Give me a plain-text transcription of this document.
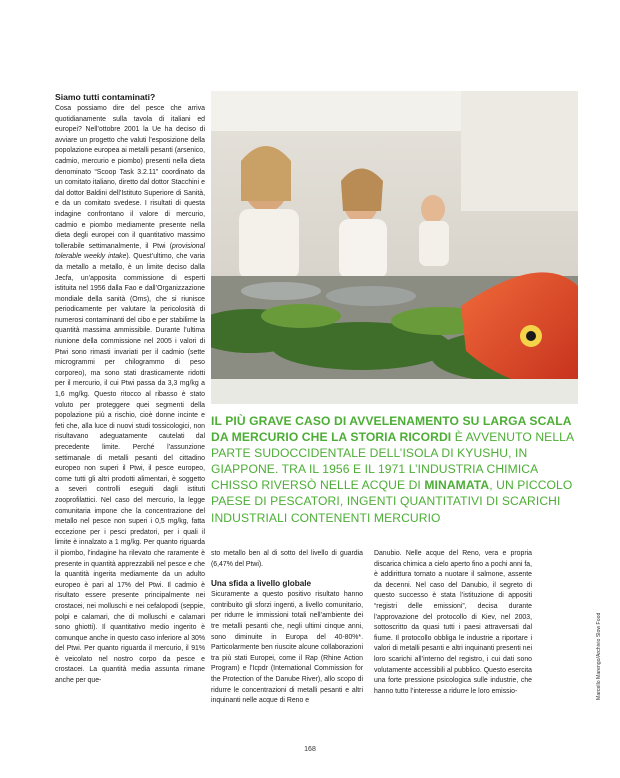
Siamo tutti contaminati?

Cosa possiamo dire del pesce che arriva quotidianamente sulla tavola di italiani ed europei? Nell’ottobre 2001 la Ue ha deciso di avviare un progetto che valuti l’esposizione della popolazione europea ai metalli pesanti (arsenico, cadmio, mercurio e piombo) presenti nella dieta denominato “Scoop Task 3.2.11” coordinato da un comitato italiano, diretto dal dottor Stacchini e dal dottor Baldini dell’Istituto Superiore di Sanità, e da un comitato svedese. I risultati di questa indagine confrontano il valore di mercurio, cadmio e piombo mediamente presente nella dieta degli europei con il quantitativo massimo tollerabile settimanalmente, il Ptwi (provisional tolerable weekly intake). Quest’ultimo, che varia da metallo a metallo, è un limite deciso dalla Jecfa, un’apposita commissione di esperti istituita nel 1956 dalla Fao e dall’Organizzazione mondiale della sanità (Oms), che si riunisce periodicamente per valutare la pericolosità di numerosi contaminanti del cibo e per stabilirne la quantità massima ammissibile. Durante l’ultima riunione della commissione nel 2005 i valori di Ptwi sono rimasti invariati per il cadmio (sette microgrammi per chilogrammo di peso corporeo), ma sono stati drasticamente ridotti per il mercurio, il cui Ptwi passa da 3,3 mg/kg a 1,6 mg/kg. Questo ritocco al ribasso è stato voluto per proteggere quei segmenti della popolazione più a rischio, cioè donne incinte e feti che, alla luce di nuovi studi tossicologici, non risultavano adeguatamente cautelati dal precedente limite. Perché l’assunzione settimanale di metalli pesanti del cittadino europeo non superi il Ptwi, il pesce europeo, come tutti gli altri prodotti alimentari, è soggetto a severi controlli eseguiti dagli istituti zooprofilattici. Nel caso del mercurio, la legge comunitaria impone che la concentrazione del metallo nel pesce non superi i 0,5 mg/kg, fatta eccezione per i pesci predatori, per i quali il limite è innalzato a 1 mg/kg. Per quanto riguarda il piombo, l’indagine ha rilevato che raramente è presente in quantità apprezzabili nel pesce e che la quantità ingerita mediamente da un adulto europeo è pari al 17% del Ptwi. Il cadmio è risultato essere presente principalmente nei crostacei, nei molluschi e nei cefalopodi (seppie, polpi e calamari, che di molluschi e calamari sono ghiotti). Il quantitativo medio ingerito è comunque anche in questo caso inferiore al 30% del Ptwi. Per quanto riguarda il mercurio, il 91% è veicolato nel nostro corpo da pesce e crostacei. La quantità media assunta rimane anche per que-

IL PIÙ GRAVE CASO DI AVVELENAMENTO SU LARGA SCALA DA MERCURIO CHE LA STORIA RICORDI È AVVENUTO NELLA PARTE SUDOCCIDENTALE DELL’ISOLA DI KYUSHU, IN GIAPPONE. TRA IL 1956 E IL 1971 L’INDUSTRIA CHIMICA CHISSO RIVERSÒ NELLE ACQUE DI MINAMATA, UN PICCOLO PAESE DI PESCATORI, INGENTI QUANTITATIVI DI SCARICHI INDUSTRIALI CONTENENTI MERCURIO

sto metallo ben al di sotto del livello di guardia (6,47% del Ptwi).

Una sfida a livello globale

Sicuramente a questo positivo risultato hanno contribuito gli sforzi ingenti, a livello comunitario, per ridurre le immissioni totali nell’ambiente dei tre metalli pesanti che, negli ultimi cinque anni, sono diminuite in Europa del 40-80%*. Particolarmente ben riuscite alcune collaborazioni tra più stati Europei, come il Rap (Rhine Action Program) e l’Icpdr (International Commission for the Protection of the Danube River), allo scopo di ridurre le concentrazioni di metalli pesanti e altri inquinanti nelle acque di Reno e

Danubio. Nelle acque del Reno, vera e propria discarica chimica a cielo aperto fino a pochi anni fa, è addirittura tornato a nuotare il salmone, assente da decenni. Nel caso del Danubio, il segreto di questo successo è stata l’istituzione di appositi “registri delle emissioni”, decisa durante l’approvazione del protocollo di Kiev, nel 2003, sottoscritto da quasi tutti i paesi attraversati dal fiume. Il protocollo obbliga le industrie a riportare i valori di metalli pesanti e altri inquinanti presenti nei loro scarichi all’interno del registro, i cui dati sono volutamente accessibili al pubblico. Questo esercita una forte pressione psicologica sulle industrie, che hanno tutto l’interesse a ridurre le loro emissio-	Marcello Marengo/Archivio Slow Food
168
